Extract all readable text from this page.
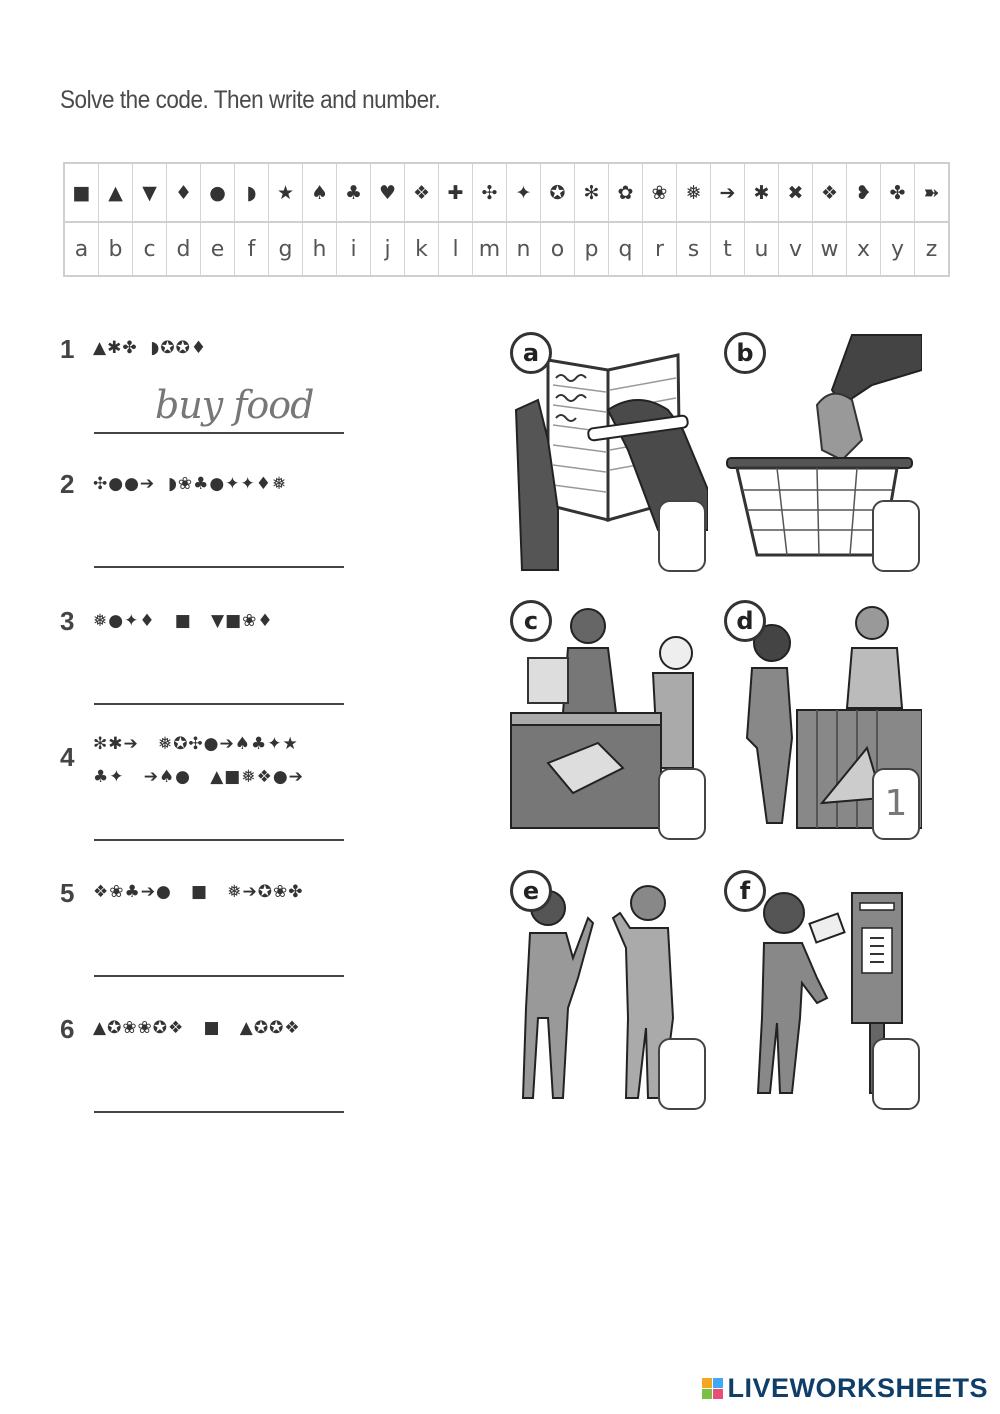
Solve the code. Then write and number.
■	▲	▼	♦	●	◗	★	♠	♣	♥	❖	✚	✣	✦	✪	✻	✿	❀	❅	➔	✱	✖	❖	❥	✤	➽
a	b	c	d	e	f	g	h	i	j	k	l	m	n	o	p	q	r	s	t	u	v	w	x	y	z
1 ▲✱✤  ◗✪✪♦
buy food
2 ✣●●➔  ◗❀♣●✦✦♦❅
3 ❅●✦♦   ■   ▼■❀♦
4 ✻✱➔   ❅✪✣●➔♠♣✦★
♣✦   ➔♠●   ▲■❅❖●➔
5 ❖❀♣➔●   ■   ❅➔✪❀✤
6 ▲✪❀❀✪❖   ■   ▲✪✪❖
a	b
c	d
1
e	f
LIVEWORKSHEETS
